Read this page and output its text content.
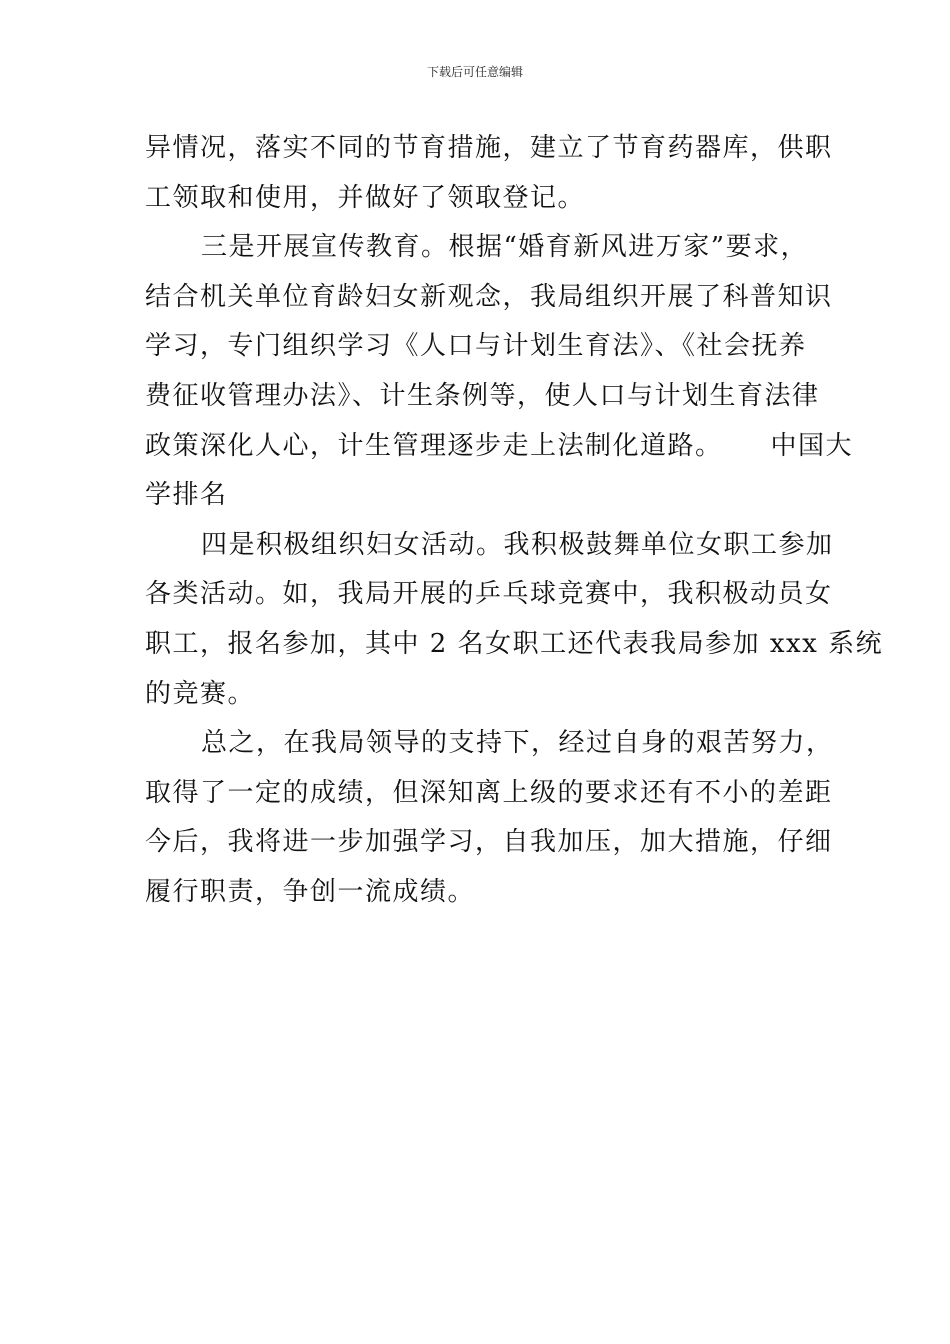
下载后可任意编辑
异情况，落实不同的节育措施，建立了节育药器库，供职
工领取和使用，并做好了领取登记。
三是开展宣传教育。根据“婚育新风进万家”要求，
结合机关单位育龄妇女新观念，我局组织开展了科普知识
学习，专门组织学习《人口与计划生育法》、《社会抚养
费征收管理办法》、计生条例等，使人口与计划生育法律
政策深化人心，计生管理逐步走上法制化道路。 中国大
学排名
四是积极组织妇女活动。我积极鼓舞单位女职工参加
各类活动。如，我局开展的乒乓球竞赛中，我积极动员女
职工，报名参加，其中 2 名女职工还代表我局参加 xxx 系统
的竞赛。
总之，在我局领导的支持下，经过自身的艰苦努力，
取得了一定的成绩，但深知离上级的要求还有不小的差距
今后，我将进一步加强学习，自我加压，加大措施，仔细
履行职责，争创一流成绩。
